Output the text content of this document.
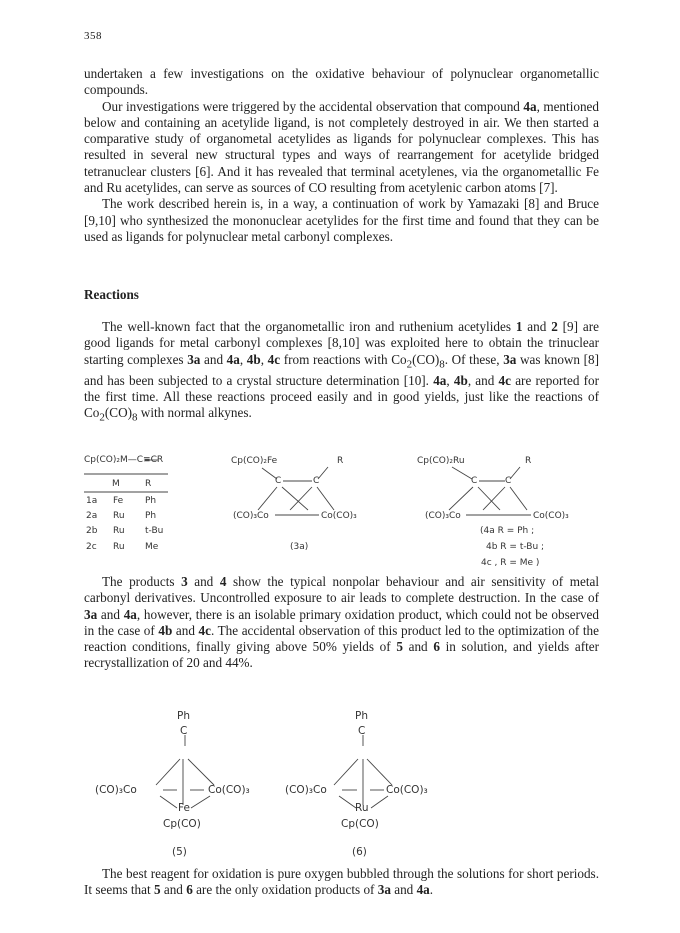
358

undertaken a few investigations on the oxidative behaviour of polynuclear organometallic compounds.

Our investigations were triggered by the accidental observation that compound 4a, mentioned below and containing an acetylide ligand, is not completely destroyed in air. We then started a comparative study of organometal acetylides as ligands for polynuclear complexes. This has resulted in several new structural types and ways of rearrangement for acetylide bridged tetranuclear clusters [6]. And it has revealed that terminal acetylenes, via the organometallic Fe and Ru acetylides, can serve as sources of CO resulting from acetylenic carbon atoms [7].

The work described herein is, in a way, a continuation of work by Yamazaki [8] and Bruce [9,10] who synthesized the mononuclear acetylides for the first time and found that they can be used as ligands for polynuclear metal carbonyl complexes.

Reactions

The well-known fact that the organometallic iron and ruthenium acetylides 1 and 2 [9] are good ligands for metal carbonyl complexes [8,10] was exploited here to obtain the trinuclear starting complexes 3a and 4a, 4b, 4c from reactions with $Co_2(CO)_8$. Of these, 3a was known [8] and has been subjected to a crystal structure determination [10]. 4a, 4b, and 4c are reported for the first time. All these reactions proceed easily and in good yields, just like the reactions of $Co_2(CO)_8$ with normal alkynes.

Cp(CO)₂M—C≡CR
M	R
1a Fe Ph
2a Ru Ph
2b Ru t-Bu
2c Ru Me
Cp(CO)₂Fe	R
C	C
(CO)₃Co	Co(CO)₃
(3a)
Cp(CO)₂Ru	R
C	C
(CO)₃Co	Co(CO)₃
(4a R = Ph ;
4b R = t-Bu ;
4c , R = Me )

The products 3 and 4 show the typical nonpolar behaviour and air sensitivity of metal carbonyl derivatives. Uncontrolled exposure to air leads to complete destruction. In the case of 3a and 4a, however, there is an isolable primary oxidation product, which could not be observed in the case of 4b and 4c. The accidental observation of this product led to the optimization of the reaction conditions, finally giving above 50% yields of 5 and 6 in solution, and yields after recrystallization of 20 and 44%.

Ph
C
(CO)₃Co	Co(CO)₃
Fe
Cp(CO)
(5)
Ph
C
(CO)₃Co	Co(CO)₃
Ru
Cp(CO)
(6)

The best reagent for oxidation is pure oxygen bubbled through the solutions for short periods. It seems that 5 and 6 are the only oxidation products of 3a and 4a.
